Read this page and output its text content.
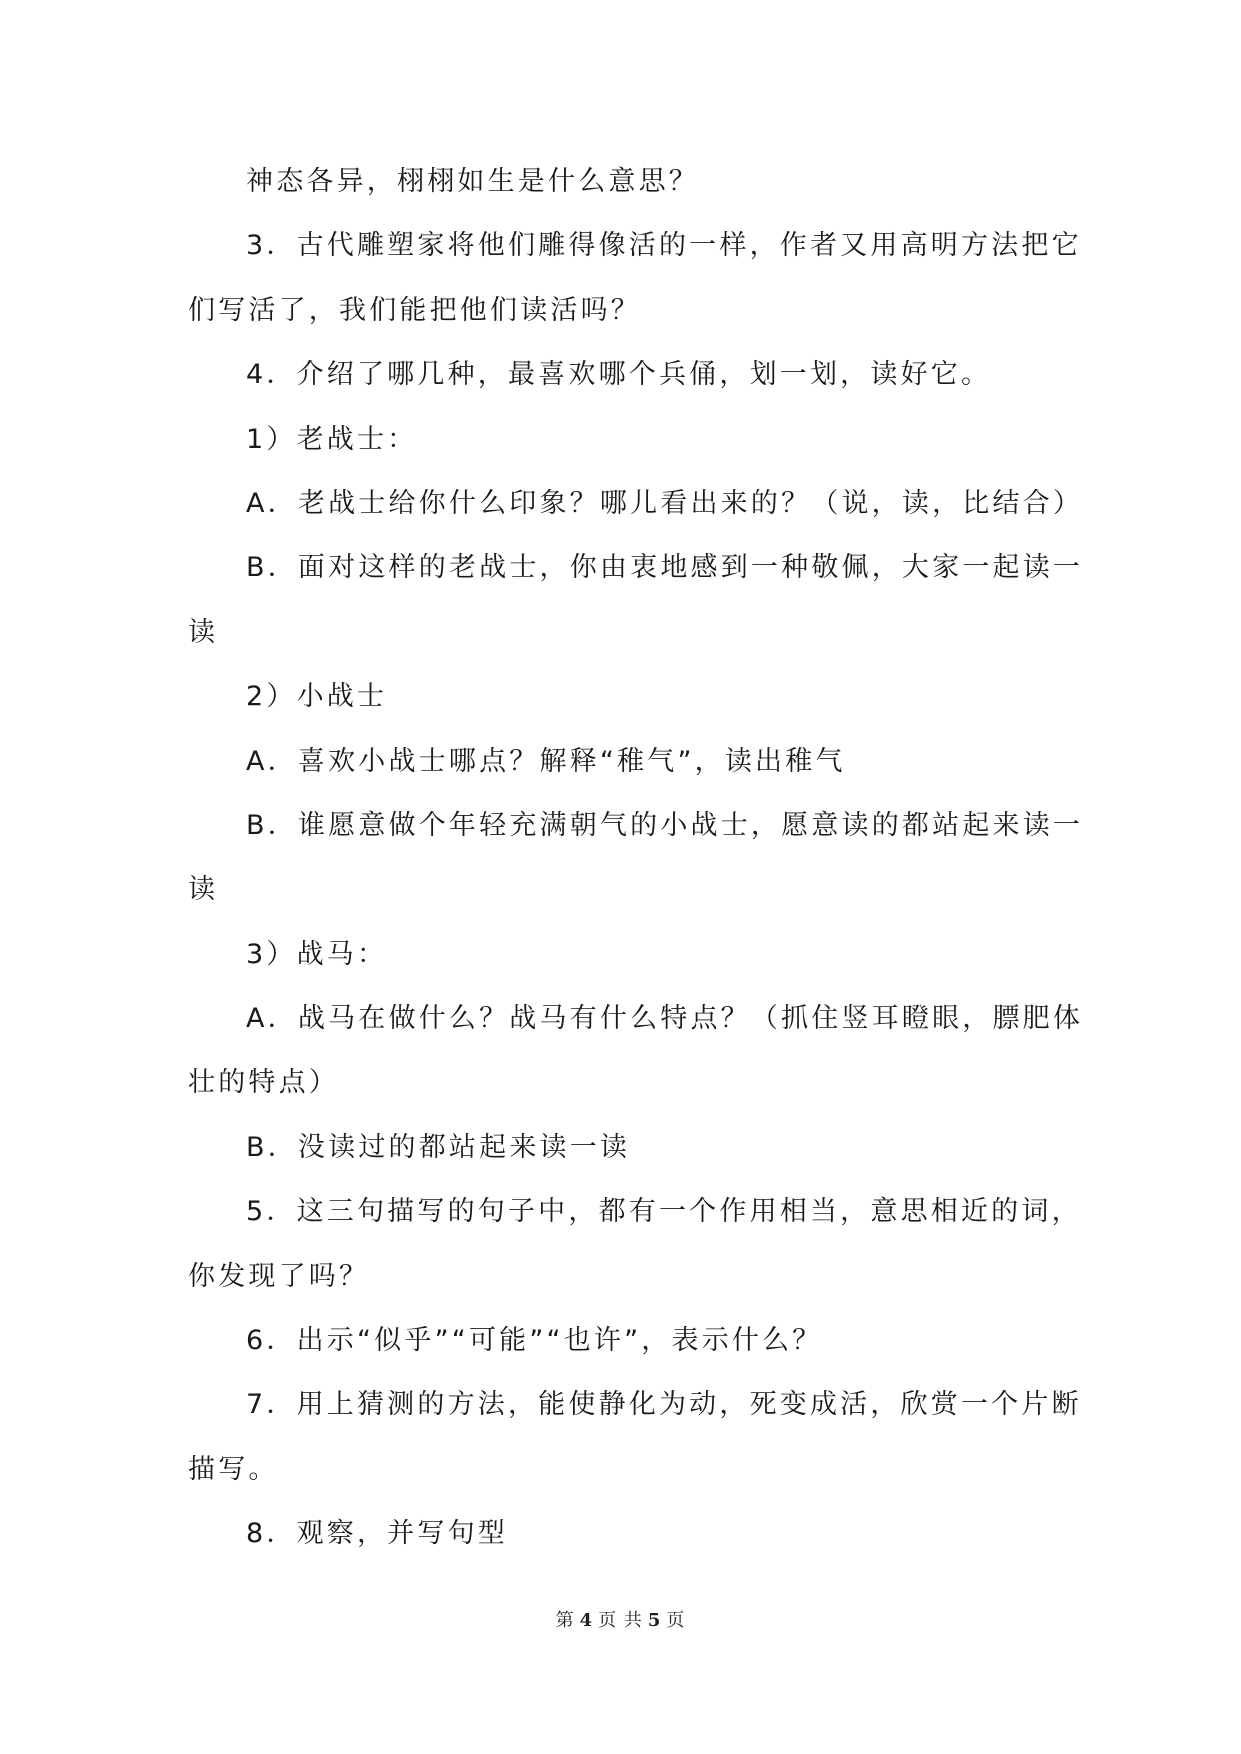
神态各异，栩栩如生是什么意思？
3．古代雕塑家将他们雕得像活的一样，作者又用高明方法把它
们写活了，我们能把他们读活吗？
4．介绍了哪几种，最喜欢哪个兵俑，划一划，读好它。
1）老战士：
A．老战士给你什么印象？哪儿看出来的？（说，读，比结合）
B．面对这样的老战士，你由衷地感到一种敬佩，大家一起读一
读
2）小战士
A．喜欢小战士哪点？解释“稚气”，读出稚气
B．谁愿意做个年轻充满朝气的小战士，愿意读的都站起来读一
读
3）战马：
A．战马在做什么？战马有什么特点？（抓住竖耳瞪眼，膘肥体
壮的特点）
B．没读过的都站起来读一读
5．这三句描写的句子中，都有一个作用相当，意思相近的词，
你发现了吗？
6．出示“似乎”“可能”“也许”，表示什么？
7．用上猜测的方法，能使静化为动，死变成活，欣赏一个片断
描写。
8．观察，并写句型
第 4 页 共 5 页
